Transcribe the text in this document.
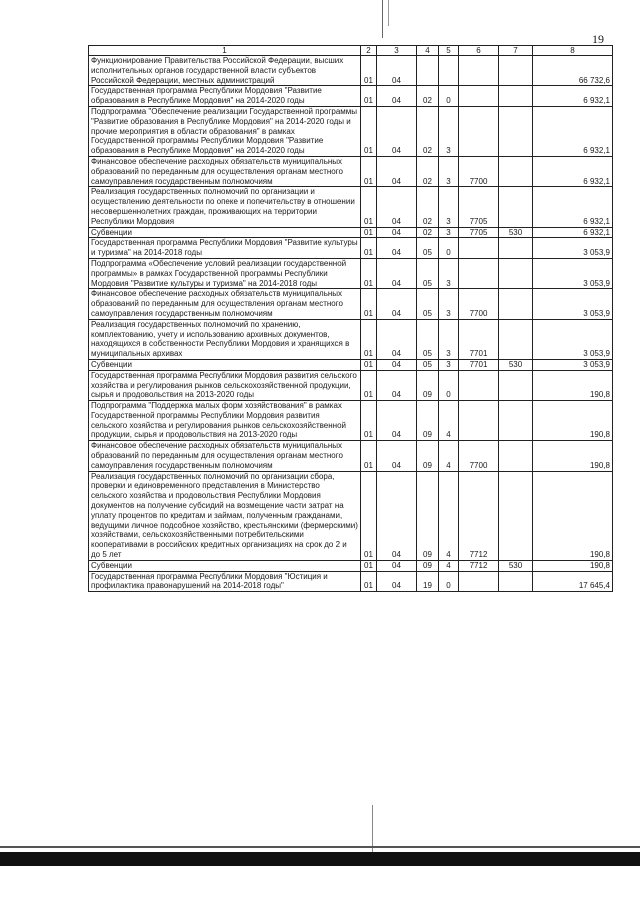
19
1	2	3	4	5	6	7	8
Функционирование Правительства Российской Федерации, высших исполнительных органов государственной власти субъектов Российской Федерации, местных администраций	01	04					66 732,6
Государственная программа Республики Мордовия "Развитие образования в Республике Мордовия" на 2014-2020 годы	01	04	02	0			6 932,1
Подпрограмма "Обеспечение реализации Государственной программы "Развитие образования в Республике Мордовия" на 2014-2020 годы и прочие мероприятия в области образования" в рамках Государственной программы Республики Мордовия "Развитие образования в Республике Мордовия" на 2014-2020 годы	01	04	02	3			6 932,1
Финансовое обеспечение расходных обязательств муниципальных образований по переданным для осуществления органам местного самоуправления государственным полномочиям	01	04	02	3	7700		6 932,1
Реализация государственных полномочий по организации и осуществлению деятельности по опеке и попечительству в отношении несовершеннолетних граждан, проживающих на территории Республики Мордовия	01	04	02	3	7705		6 932,1
Субвенции	01	04	02	3	7705	530	6 932,1
Государственная программа Республики Мордовия "Развитие культуры и туризма" на 2014-2018 годы	01	04	05	0			3 053,9
Подпрограмма «Обеспечение условий реализации государственной программы» в рамках Государственной программы Республики Мордовия "Развитие культуры и туризма" на 2014-2018 годы	01	04	05	3			3 053,9
Финансовое обеспечение расходных обязательств муниципальных образований по переданным для осуществления органам местного самоуправления государственным полномочиям	01	04	05	3	7700		3 053,9
Реализация государственных полномочий по хранению, комплектованию, учету и использованию архивных документов, находящихся в собственности Республики Мордовия и хранящихся в муниципальных архивах	01	04	05	3	7701		3 053,9
Субвенции	01	04	05	3	7701	530	3 053,9
Государственная программа Республики Мордовия развития сельского хозяйства и регулирования рынков сельскохозяйственной продукции, сырья и продовольствия на 2013-2020 годы	01	04	09	0			190,8
Подпрограмма "Поддержка малых форм хозяйствования" в рамках Государственной программы Республики Мордовия развития сельского хозяйства и регулирования рынков сельскохозяйственной продукции, сырья и продовольствия на 2013-2020 годы	01	04	09	4			190,8
Финансовое обеспечение расходных обязательств муниципальных образований по переданным для осуществления органам местного самоуправления государственным полномочиям	01	04	09	4	7700		190,8
Реализация государственных полномочий по организации сбора, проверки и единовременного представления в Министерство сельского хозяйства и продовольствия Республики Мордовия документов на получение субсидий на возмещение части затрат на уплату процентов по кредитам и займам, полученным гражданами, ведущими личное подсобное хозяйство, крестьянскими (фермерскими) хозяйствами, сельскохозяйственными потребительскими кооперативами в российских кредитных организациях на срок до 2 и до 5 лет	01	04	09	4	7712		190,8
Субвенции	01	04	09	4	7712	530	190,8
Государственная программа Республики Мордовия "Юстиция и профилактика правонарушений на 2014-2018 годы"	01	04	19	0			17 645,4
